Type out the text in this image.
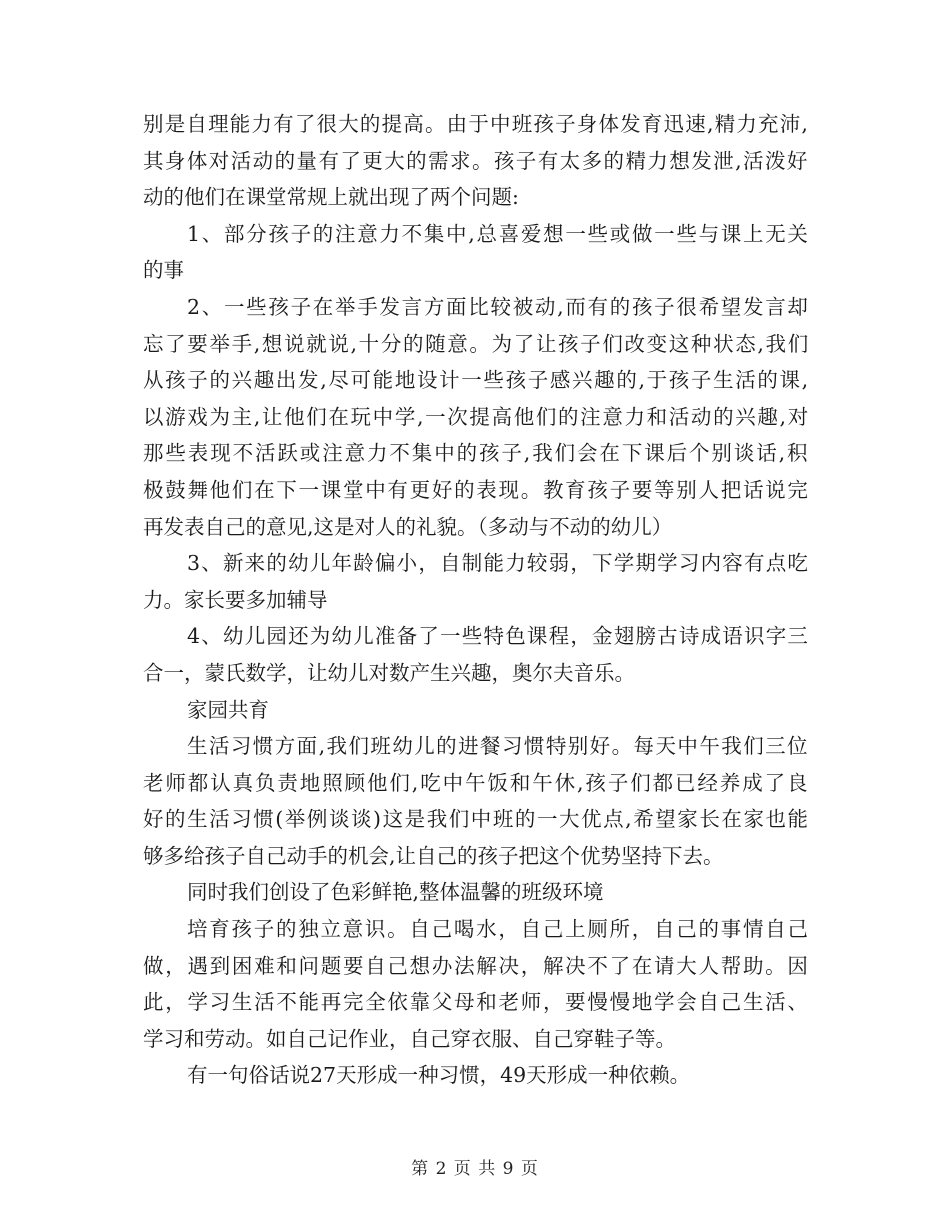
别是自理能力有了很大的提高。由于中班孩子身体发育迅速,精力充沛,
其身体对活动的量有了更大的需求。孩子有太多的精力想发泄,活泼好
动的他们在课堂常规上就出现了两个问题:
1、部分孩子的注意力不集中,总喜爱想一些或做一些与课上无关
的事
2、一些孩子在举手发言方面比较被动,而有的孩子很希望发言却
忘了要举手,想说就说,十分的随意。为了让孩子们改变这种状态,我们
从孩子的兴趣出发,尽可能地设计一些孩子感兴趣的,于孩子生活的课,
以游戏为主,让他们在玩中学,一次提高他们的注意力和活动的兴趣,对
那些表现不活跃或注意力不集中的孩子,我们会在下课后个别谈话,积
极鼓舞他们在下一课堂中有更好的表现。教育孩子要等别人把话说完
再发表自己的意见,这是对人的礼貌。（多动与不动的幼儿）
3、新来的幼儿年龄偏小，自制能力较弱，下学期学习内容有点吃
力。家长要多加辅导
4、幼儿园还为幼儿准备了一些特色课程，金翅膀古诗成语识字三
合一，蒙氏数学，让幼儿对数产生兴趣，奥尔夫音乐。
家园共育
生活习惯方面,我们班幼儿的进餐习惯特别好。每天中午我们三位
老师都认真负责地照顾他们,吃中午饭和午休,孩子们都已经养成了良
好的生活习惯(举例谈谈)这是我们中班的一大优点,希望家长在家也能
够多给孩子自己动手的机会,让自己的孩子把这个优势坚持下去。
同时我们创设了色彩鲜艳,整体温馨的班级环境
培育孩子的独立意识。自己喝水，自己上厕所，自己的事情自己
做，遇到困难和问题要自己想办法解决，解决不了在请大人帮助。因
此，学习生活不能再完全依靠父母和老师，要慢慢地学会自己生活、
学习和劳动。如自己记作业，自己穿衣服、自己穿鞋子等。
有一句俗话说27天形成一种习惯，49天形成一种依赖。
第 2 页 共 9 页
